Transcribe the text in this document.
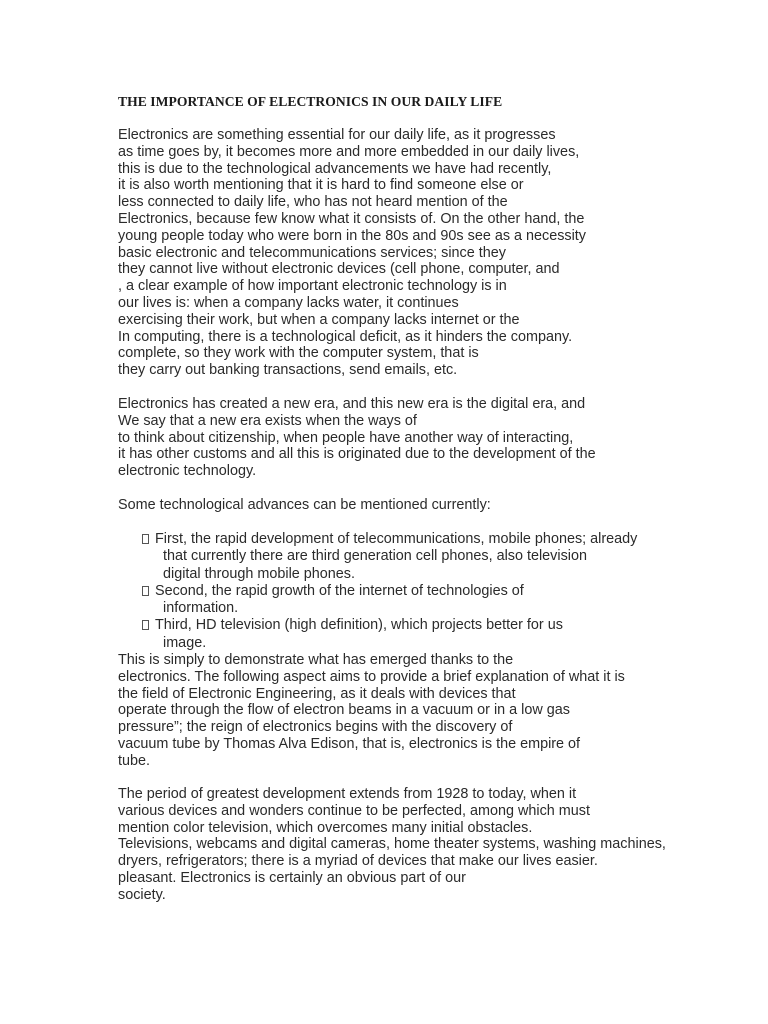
THE IMPORTANCE OF ELECTRONICS IN OUR DAILY LIFE
Electronics are something essential for our daily life, as it progresses
as time goes by, it becomes more and more embedded in our daily lives,
this is due to the technological advancements we have had recently,
it is also worth mentioning that it is hard to find someone else or
less connected to daily life, who has not heard mention of the
Electronics, because few know what it consists of. On the other hand, the
young people today who were born in the 80s and 90s see as a necessity
basic electronic and telecommunications services; since they
they cannot live without electronic devices (cell phone, computer, and
, a clear example of how important electronic technology is in
our lives is: when a company lacks water, it continues
exercising their work, but when a company lacks internet or the
In computing, there is a technological deficit, as it hinders the company.
complete, so they work with the computer system, that is
they carry out banking transactions, send emails, etc.
Electronics has created a new era, and this new era is the digital era, and
We say that a new era exists when the ways of
to think about citizenship, when people have another way of interacting,
it has other customs and all this is originated due to the development of the
electronic technology.
Some technological advances can be mentioned currently:
First, the rapid development of telecommunications, mobile phones; already
that currently there are third generation cell phones, also television
digital through mobile phones.
Second, the rapid growth of the internet of technologies of
information.
Third, HD television (high definition), which projects better for us
image.
This is simply to demonstrate what has emerged thanks to the
electronics. The following aspect aims to provide a brief explanation of what it is
the field of Electronic Engineering, as it deals with devices that
operate through the flow of electron beams in a vacuum or in a low gas
pressure”; the reign of electronics begins with the discovery of
vacuum tube by Thomas Alva Edison, that is, electronics is the empire of
tube.
The period of greatest development extends from 1928 to today, when it
various devices and wonders continue to be perfected, among which must
mention color television, which overcomes many initial obstacles.
Televisions, webcams and digital cameras, home theater systems, washing machines,
dryers, refrigerators; there is a myriad of devices that make our lives easier.
pleasant. Electronics is certainly an obvious part of our
society.
